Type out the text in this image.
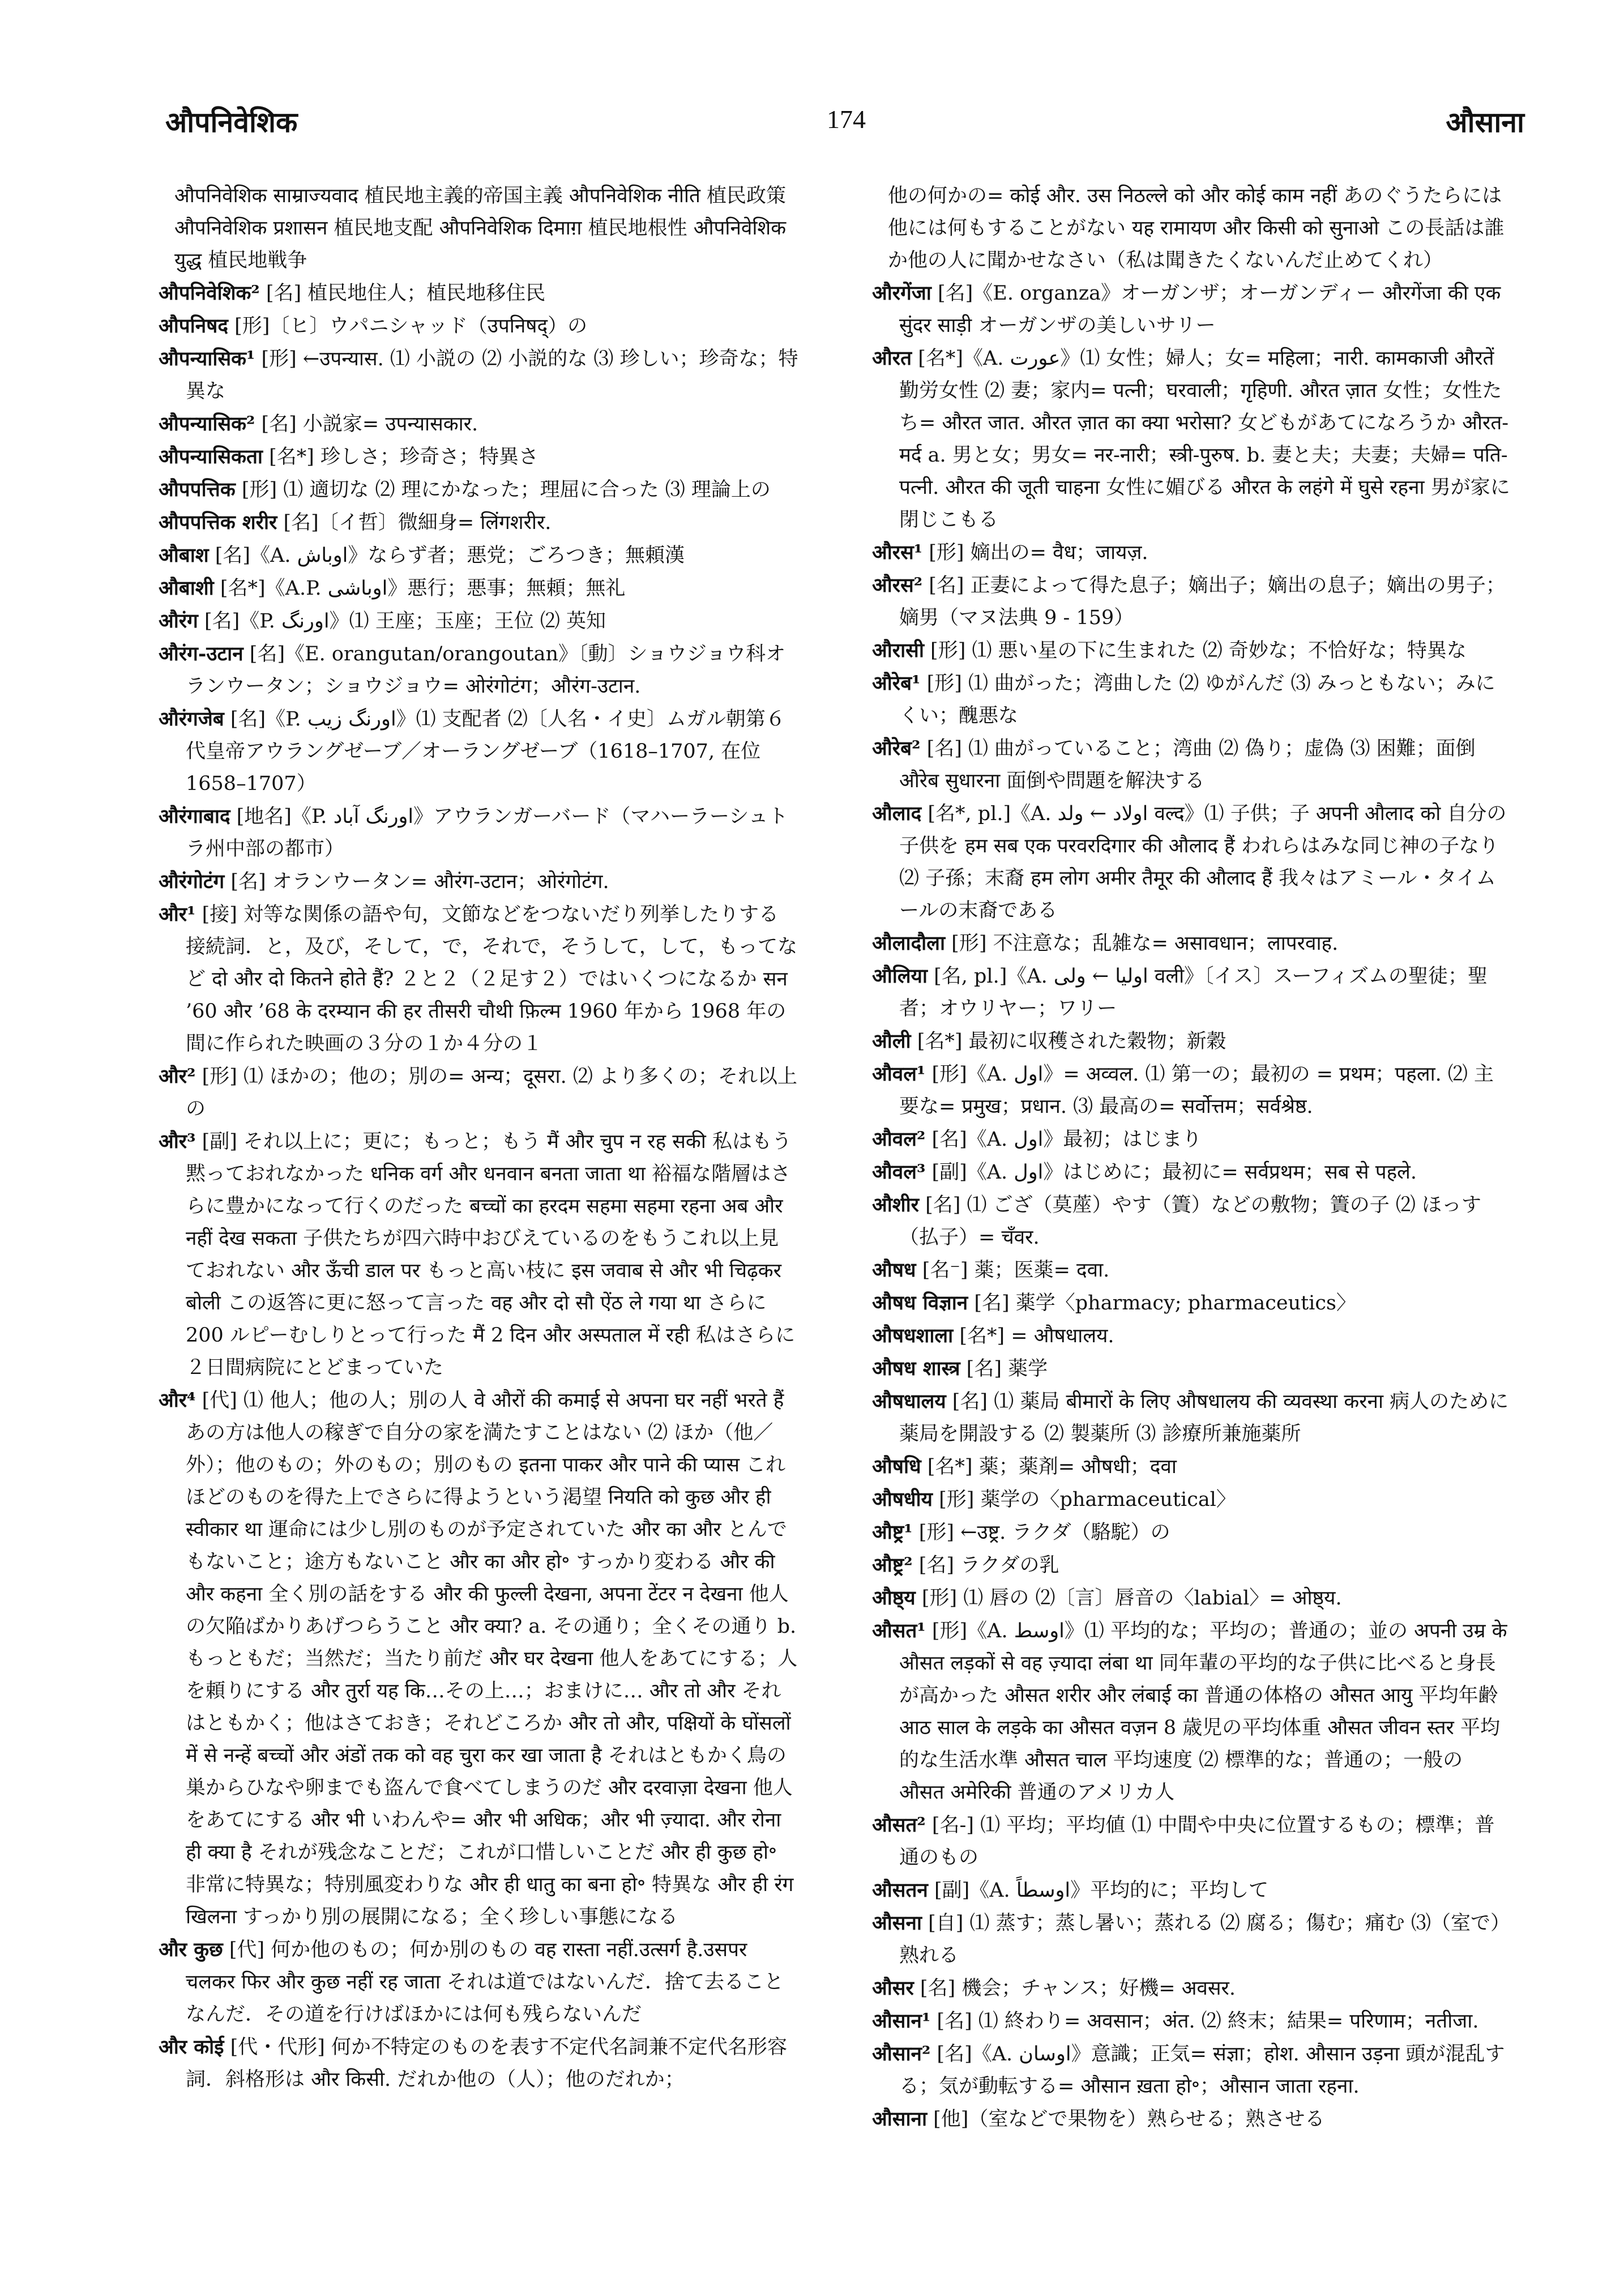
औपनिवेशिक	174	औसाना

औपनिवेशिक साम्राज्यवाद 植民地主義的帝国主義 औपनिवेशिक नीति 植民政策 औपनिवेशिक प्रशासन 植民地支配 औपनिवेशिक दिमाग़ 植民地根性 औपनिवेशिक युद्ध 植民地戦争

औपनिवेशिक² [名] 植民地住人；植民地移住民

औपनिषद [形]〔ヒ〕ウパニシャッド（उपनिषद्）の

औपन्यासिक¹ [形] ←उपन्यास. ⑴ 小説の ⑵ 小説的な ⑶ 珍しい；珍奇な；特異な

औपन्यासिक² [名] 小説家= उपन्यासकार.

औपन्यासिकता [名*] 珍しさ；珍奇さ；特異さ

औपपत्तिक [形] ⑴ 適切な ⑵ 理にかなった；理屈に合った ⑶ 理論上の

औपपत्तिक शरीर [名]〔イ哲〕微細身= लिंगशरीर.

औबाश [名]《A. اوباش》ならず者；悪党；ごろつき；無頼漢

औबाशी [名*]《A.P. اوباشی》悪行；悪事；無頼；無礼

औरंग [名]《P. اورنگ》⑴ 王座；玉座；王位 ⑵ 英知

औरंग-उटान [名]《E. orangutan/orangoutan》〔動〕ショウジョウ科オランウータン；ショウジョウ= ओरंगोटंग；औरंग-उटान.

औरंगजेब [名]《P. اورنگ زیب》⑴ 支配者 ⑵〔人名・イ史〕ムガル朝第６代皇帝アウラングゼーブ／オーラングゼーブ（1618–1707, 在位 1658–1707）

औरंगाबाद [地名]《P. اورنگ آباد》アウランガーバード（マハーラーシュトラ州中部の都市）

औरंगोटंग [名] オランウータン= औरंग-उटान；ओरंगोटंग.

और¹ [接] 対等な関係の語や句，文節などをつないだり列挙したりする接続詞．と，及び，そして，で，それで，そうして，して，もってなど दो और दो कितने होते हैं? ２と２（２足す２）ではいくつになるか सन ’60 और ’68 के दरम्यान की हर तीसरी चौथी फ़िल्म 1960 年から 1968 年の間に作られた映画の３分の１か４分の１

और² [形] ⑴ ほかの；他の；別の= अन्य；दूसरा. ⑵ より多くの；それ以上の

और³ [副] それ以上に；更に；もっと；もう मैं और चुप न रह सकी 私はもう黙っておれなかった धनिक वर्ग और धनवान बनता जाता था 裕福な階層はさらに豊かになって行くのだった बच्चों का हरदम सहमा सहमा रहना अब और नहीं देख सकता 子供たちが四六時中おびえているのをもうこれ以上見ておれない और ऊँची डाल पर もっと高い枝に इस जवाब से और भी चिढ़कर बोली この返答に更に怒って言った वह और दो सौ ऐंठ ले गया था さらに 200 ルピーむしりとって行った मैं 2 दिन और अस्पताल में रही 私はさらに２日間病院にとどまっていた

और⁴ [代] ⑴ 他人；他の人；別の人 वे औरों की कमाई से अपना घर नहीं भरते हैं あの方は他人の稼ぎで自分の家を満たすことはない ⑵ ほか（他／外）；他のもの；外のもの；別のもの इतना पाकर और पाने की प्यास これほどのものを得た上でさらに得ようという渇望 नियति को कुछ और ही स्वीकार था 運命には少し別のものが予定されていた और का और とんでもないこと；途方もないこと और का और हो॰ すっかり変わる और की और कहना 全く別の話をする और की फुल्ली देखना, अपना टेंटर न देखना 他人の欠陥ばかりあげつらうこと और क्या? a. その通り；全くその通り b. もっともだ；当然だ；当たり前だ और घर देखना 他人をあてにする；人を頼りにする और तुर्रा यह कि…その上…；おまけに… और तो और それはともかく；他はさておき；それどころか और तो और, पक्षियों के घोंसलों में से नन्हें बच्चों और अंडों तक को वह चुरा कर खा जाता है それはともかく鳥の巣からひなや卵までも盗んで食べてしまうのだ और दरवाज़ा देखना 他人をあてにする और भी いわんや= और भी अधिक；और भी ज़्यादा. और रोना ही क्या है それが残念なことだ；これが口惜しいことだ और ही कुछ हो॰ 非常に特異な；特別風変わりな और ही धातु का बना हो॰ 特異な और ही रंग खिलना すっかり別の展開になる；全く珍しい事態になる

और कुछ [代] 何か他のもの；何か別のもの वह रास्ता नहीं.उत्सर्ग है.उसपर चलकर फिर और कुछ नहीं रह जाता それは道ではないんだ．捨て去ることなんだ．その道を行けばほかには何も残らないんだ

और कोई [代・代形] 何か不特定のものを表す不定代名詞兼不定代名形容詞．斜格形は और किसी. だれか他の（人）；他のだれか；

他の何かの= कोई और. उस निठल्ले को और कोई काम नहीं あのぐうたらには他には何もすることがない यह रामायण और किसी को सुनाओ この長話は誰か他の人に聞かせなさい（私は聞きたくないんだ止めてくれ）

औरगेंजा [名]《E. organza》オーガンザ；オーガンディー औरगेंजा की एक सुंदर साड़ी オーガンザの美しいサリー

औरत [名*]《A. عورت》⑴ 女性；婦人；女= महिला；नारी. कामकाजी औरतें 勤労女性 ⑵ 妻；家内= पत्नी；घरवाली；गृहिणी. औरत ज़ात 女性；女性たち= औरत जात. औरत ज़ात का क्या भरोसा? 女どもがあてになろうか औरत-मर्द a. 男と女；男女= नर-नारी；स्त्री-पुरुष. b. 妻と夫；夫妻；夫婦= पति-पत्नी. औरत की जूती चाहना 女性に媚びる औरत के लहंगे में घुसे रहना 男が家に閉じこもる

औरस¹ [形] 嫡出の= वैध；जायज़.

औरस² [名] 正妻によって得た息子；嫡出子；嫡出の息子；嫡出の男子；嫡男（マヌ法典 9 - 159）

औरासी [形] ⑴ 悪い星の下に生まれた ⑵ 奇妙な；不恰好な；特異な

औरेब¹ [形] ⑴ 曲がった；湾曲した ⑵ ゆがんだ ⑶ みっともない；みにくい；醜悪な

औरेब² [名] ⑴ 曲がっていること；湾曲 ⑵ 偽り；虚偽 ⑶ 困難；面倒 औरेब सुधारना 面倒や問題を解決する

औलाद [名*, pl.]《A. اولاد ← ولد वल्द》⑴ 子供；子 अपनी औलाद को 自分の子供を हम सब एक परवरदिगार की औलाद हैं われらはみな同じ神の子なり ⑵ 子孫；末裔 हम लोग अमीर तैमूर की औलाद हैं 我々はアミール・タイムールの末裔である

औलादौला [形] 不注意な；乱雑な= असावधान；लापरवाह.

औलिया [名, pl.]《A. اولیا ← ولی वली》〔イス〕スーフィズムの聖徒；聖者；オウリヤー；ワリー

औली [名*] 最初に収穫された穀物；新穀

औवल¹ [形]《A. اول》= अव्वल. ⑴ 第一の；最初の = प्रथम；पहला. ⑵ 主要な= प्रमुख；प्रधान. ⑶ 最高の= सर्वोत्तम；सर्वश्रेष्ठ.

औवल² [名]《A. اول》最初；はじまり

औवल³ [副]《A. اول》はじめに；最初に= सर्वप्रथम；सब से पहले.

औशीर [名] ⑴ ござ（莫蓙）やす（簀）などの敷物；簀の子 ⑵ ほっす（払子）= चँवर.

औषध [名⁻] 薬；医薬= दवा.

औषध विज्ञान [名] 薬学〈pharmacy; pharmaceutics〉

औषधशाला [名*] = औषधालय.

औषध शास्त्र [名] 薬学

औषधालय [名] ⑴ 薬局 बीमारों के लिए औषधालय की व्यवस्था करना 病人のために薬局を開設する ⑵ 製薬所 ⑶ 診療所兼施薬所

औषधि [名*] 薬；薬剤= औषधी；दवा

औषधीय [形] 薬学の〈pharmaceutical〉

औष्ट्र¹ [形] ←उष्ट्र. ラクダ（駱駝）の

औष्ट्र² [名] ラクダの乳

औष्ठ्य [形] ⑴ 唇の ⑵〔言〕唇音の〈labial〉= ओष्ठ्य.

औसत¹ [形]《A. اوسط》⑴ 平均的な；平均の；普通の；並の अपनी उम्र के औसत लड़कों से वह ज़्यादा लंबा था 同年輩の平均的な子供に比べると身長が高かった औसत शरीर और लंबाई का 普通の体格の औसत आयु 平均年齢 आठ साल के लड़के का औसत वज़न 8 歳児の平均体重 औसत जीवन स्तर 平均的な生活水準 औसत चाल 平均速度 ⑵ 標準的な；普通の；一般の औसत अमेरिकी 普通のアメリカ人

औसत² [名-] ⑴ 平均；平均値 ⑴ 中間や中央に位置するもの；標準；普通のもの

औसतन [副]《A. اوسطاً》平均的に；平均して

औसना [自] ⑴ 蒸す；蒸し暑い；蒸れる ⑵ 腐る；傷む；痛む ⑶（室で）熟れる

औसर [名] 機会；チャンス；好機= अवसर.

औसान¹ [名] ⑴ 終わり= अवसान；अंत. ⑵ 終末；結果= परिणाम；नतीजा.

औसान² [名]《A. اوسان》意識；正気= संज्ञा；होश. औसान उड़ना 頭が混乱する；気が動転する= औसान ख़ता हो॰；औसान जाता रहना.

औसाना [他]（室などで果物を）熟らせる；熟させる
